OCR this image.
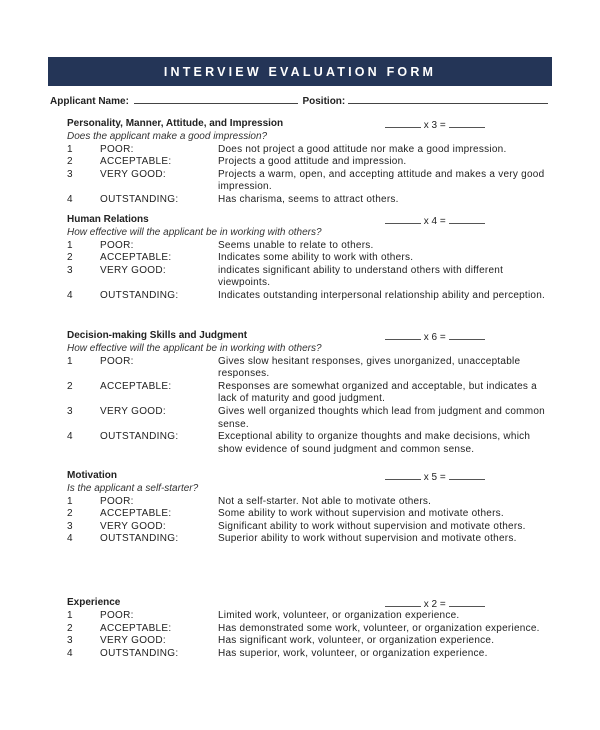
INTERVIEW EVALUATION FORM
Applicant Name:	Position:
Personality, Manner, Attitude, and Impression	x 3 =
Does the applicant make a good impression?
1	POOR:	Does not project a good attitude nor make a good impression.
2	ACCEPTABLE:	Projects a good attitude and impression.
3	VERY GOOD:	Projects a warm, open, and accepting attitude and makes a very good impression.
4	OUTSTANDING:	Has charisma, seems to attract others.
Human Relations	x 4 =
How effective will the applicant be in working with others?
1	POOR:	Seems unable to relate to others.
2	ACCEPTABLE:	Indicates some ability to work with others.
3	VERY GOOD:	indicates significant ability to understand others with different viewpoints.
4	OUTSTANDING:	Indicates outstanding interpersonal relationship ability and perception.
Decision-making Skills and Judgment	x 6 =
How effective will the applicant be in working with others?
1	POOR:	Gives slow hesitant responses, gives unorganized, unacceptable responses.
2	ACCEPTABLE:	Responses are somewhat organized and acceptable, but indicates a lack of maturity and good judgment.
3	VERY GOOD:	Gives well organized thoughts which lead from judgment and common sense.
4	OUTSTANDING:	Exceptional ability to organize thoughts and make decisions, which show evidence of sound judgment and common sense.
Motivation	x 5 =
Is the applicant a self-starter?
1	POOR:	Not a self-starter. Not able to motivate others.
2	ACCEPTABLE:	Some ability to work without supervision and motivate others.
3	VERY GOOD:	Significant ability to work without supervision and motivate others.
4	OUTSTANDING:	Superior ability to work without supervision and motivate others.
Experience	x 2 =
1	POOR:	Limited work, volunteer, or organization experience.
2	ACCEPTABLE:	Has demonstrated some work, volunteer, or organization experience.
3	VERY GOOD:	Has significant work, volunteer, or organization experience.
4	OUTSTANDING:	Has superior, work, volunteer, or organization experience.
